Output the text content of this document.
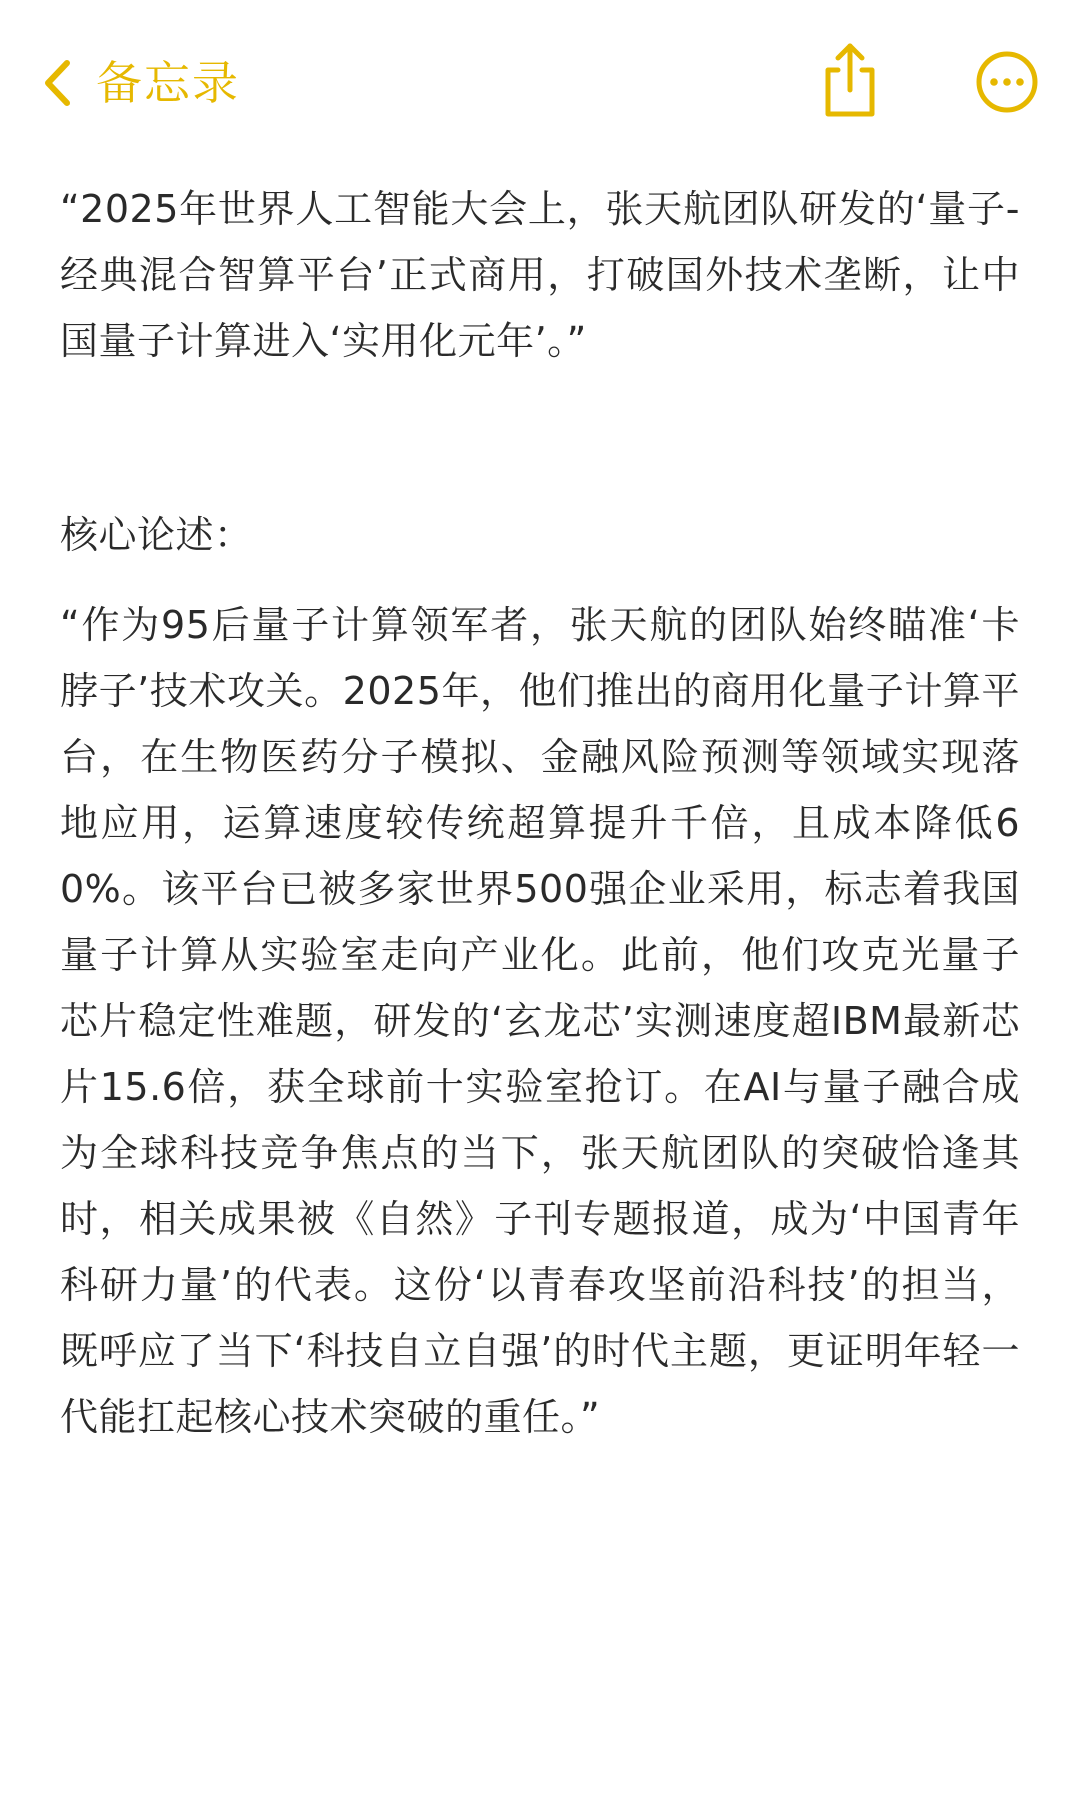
备忘录

“2025年世界人工智能大会上，张天航团队研发的‘量子-经典混合智算平台’正式商用，打破国外技术垄断，让中国量子计算进入‘实用化元年’。”

核心论述：

“作为95后量子计算领军者，张天航的团队始终瞄准‘卡脖子’技术攻关。2025年，他们推出的商用化量子计算平台，在生物医药分子模拟、金融风险预测等领域实现落地应用，运算速度较传统超算提升千倍，且成本降低60%。该平台已被多家世界500强企业采用，标志着我国量子计算从实验室走向产业化。此前，他们攻克光量子芯片稳定性难题，研发的‘玄龙芯’实测速度超IBM最新芯片15.6倍，获全球前十实验室抢订。在AI与量子融合成为全球科技竞争焦点的当下，张天航团队的突破恰逢其时，相关成果被《自然》子刊专题报道，成为‘中国青年科研力量’的代表。这份‘以青春攻坚前沿科技’的担当，既呼应了当下‘科技自立自强’的时代主题，更证明年轻一代能扛起核心技术突破的重任。”
